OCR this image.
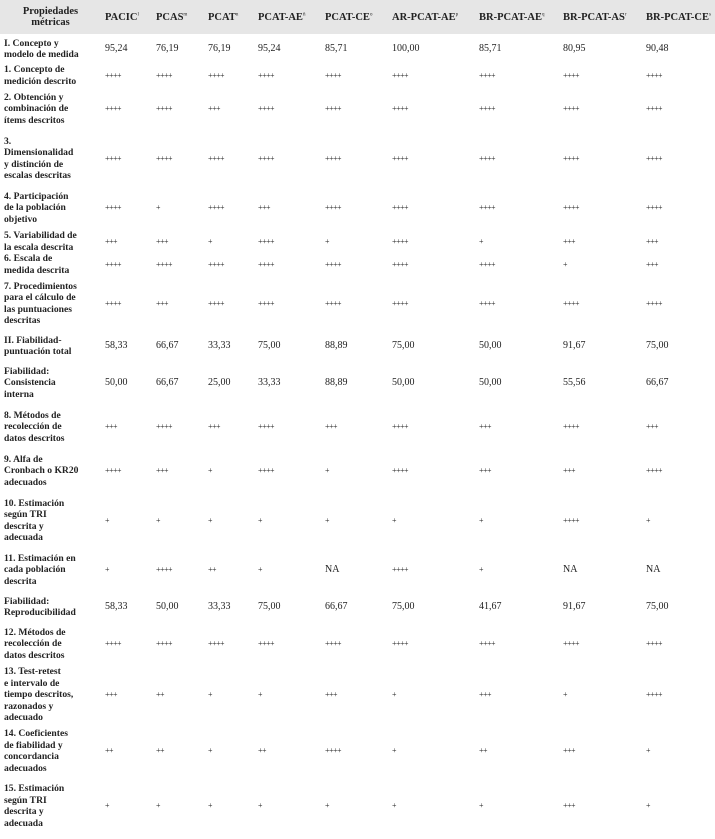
Propiedades
métricas	PACIC$^l$	PCAS$^m$	PCAT$^n$	PCAT-$AE^ñ$	PCAT-$CE^o$	$AR-PCAT-AE^p$	$BR-PCAT-AE^q$	$BR-PCAT-AS^r$	$BR-PCAT-CE^s$
I. Concepto y
modelo de medida	95,24	76,19	76,19	95,24	85,71	100,00	85,71	80,95	90,48
1. Concepto de
medición descrito	++++	++++	++++	++++	++++	++++	++++	++++	++++
2. Obtención y
combinación de
ítems descritos	++++	++++	+++	++++	++++	++++	++++	++++	++++
3.
Dimensionalidad
y distinción de
escalas descritas	++++	++++	++++	++++	++++	++++	++++	++++	++++
4. Participación
de la población
objetivo	++++	+	++++	+++	++++	++++	++++	++++	++++
5. Variabilidad de
la escala descrita	+++	+++	+	++++	+	++++	+	+++	+++
6. Escala de
medida descrita	++++	++++	++++	++++	++++	++++	++++	+	+++
7. Procedimientos
para el cálculo de
las puntuaciones
descritas	++++	+++	++++	++++	++++	++++	++++	++++	++++
II. Fiabilidad-
puntuación total	58,33	66,67	33,33	75,00	88,89	75,00	50,00	91,67	75,00
Fiabilidad:
Consistencia
interna	50,00	66,67	25,00	33,33	88,89	50,00	50,00	55,56	66,67
8. Métodos de
recolección de
datos descritos	+++	++++	+++	++++	+++	++++	+++	++++	+++
9. Alfa de
Cronbach o KR20
adecuados	++++	+++	+	++++	+	++++	+++	+++	++++
10. Estimación
según TRI
descrita y
adecuada	+	+	+	+	+	+	+	++++	+
11. Estimación en
cada población
descrita	+	++++	++	+	NA	++++	+	NA	NA
Fiabilidad:
Reproducibilidad	58,33	50,00	33,33	75,00	66,67	75,00	41,67	91,67	75,00
12. Métodos de
recolección de
datos descritos	++++	++++	++++	++++	++++	++++	++++	++++	++++
13. Test-retest
e intervalo de
tiempo descritos,
razonados y
adecuado	+++	++	+	+	+++	+	+++	+	++++
14. Coeficientes
de fiabilidad y
concordancia
adecuados	++	++	+	++	++++	+	++	+++	+
15. Estimación
según TRI
descrita y
adecuada	+	+	+	+	+	+	+	+++	+
